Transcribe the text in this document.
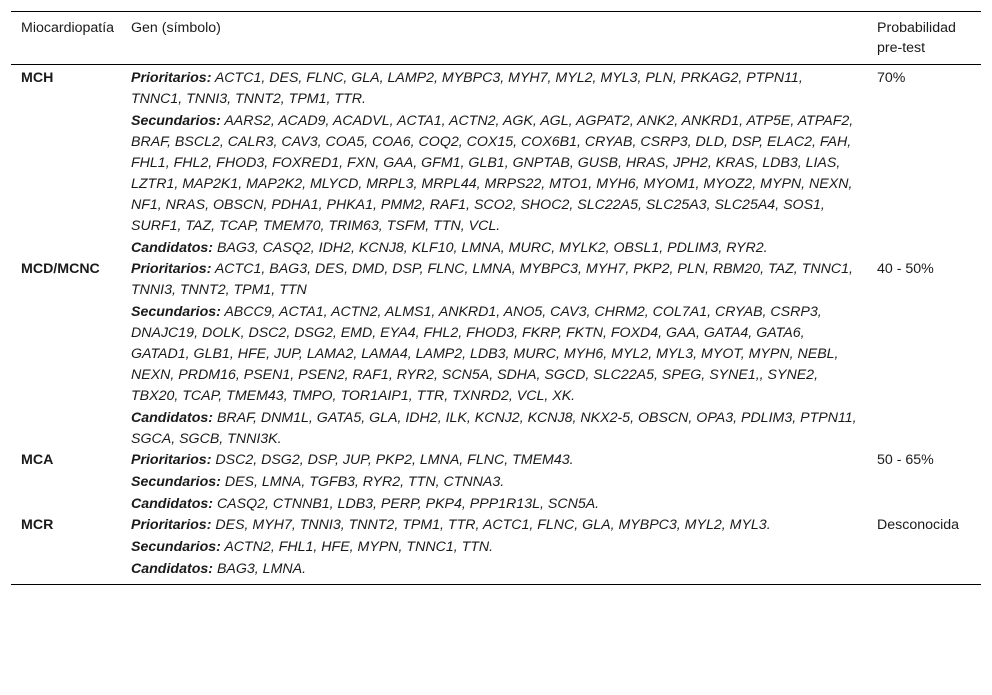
Miocardiopatía	Gen (símbolo)	Probabilidad pre-test
MCH	Prioritarios: ACTC1, DES, FLNC, GLA, LAMP2, MYBPC3, MYH7, MYL2, MYL3, PLN, PRKAG2, PTPN11, TNNC1, TNNI3, TNNT2, TPM1, TTR.
Secundarios: AARS2, ACAD9, ACADVL, ACTA1, ACTN2, AGK, AGL, AGPAT2, ANK2, ANKRD1, ATP5E, ATPAF2, BRAF, BSCL2, CALR3, CAV3, COA5, COA6, COQ2, COX15, COX6B1, CRYAB, CSRP3, DLD, DSP, ELAC2, FAH, FHL1, FHL2, FHOD3, FOXRED1, FXN, GAA, GFM1, GLB1, GNPTAB, GUSB, HRAS, JPH2, KRAS, LDB3, LIAS, LZTR1, MAP2K1, MAP2K2, MLYCD, MRPL3, MRPL44, MRPS22, MTO1, MYH6, MYOM1, MYOZ2, MYPN, NEXN, NF1, NRAS, OBSCN, PDHA1, PHKA1, PMM2, RAF1, SCO2, SHOC2, SLC22A5, SLC25A3, SLC25A4, SOS1, SURF1, TAZ, TCAP, TMEM70, TRIM63, TSFM, TTN, VCL.
Candidatos: BAG3, CASQ2, IDH2, KCNJ8, KLF10, LMNA, MURC, MYLK2, OBSL1, PDLIM3, RYR2.	70%
MCD/MCNC	Prioritarios: ACTC1, BAG3, DES, DMD, DSP, FLNC, LMNA, MYBPC3, MYH7, PKP2, PLN, RBM20, TAZ, TNNC1, TNNI3, TNNT2, TPM1, TTN
Secundarios: ABCC9, ACTA1, ACTN2, ALMS1, ANKRD1, ANO5, CAV3, CHRM2, COL7A1, CRYAB, CSRP3, DNAJC19, DOLK, DSC2, DSG2, EMD, EYA4, FHL2, FHOD3, FKRP, FKTN, FOXD4, GAA, GATA4, GATA6, GATAD1, GLB1, HFE, JUP, LAMA2, LAMA4, LAMP2, LDB3, MURC, MYH6, MYL2, MYL3, MYOT, MYPN, NEBL, NEXN, PRDM16, PSEN1, PSEN2, RAF1, RYR2, SCN5A, SDHA, SGCD, SLC22A5, SPEG, SYNE1,, SYNE2, TBX20, TCAP, TMEM43, TMPO, TOR1AIP1, TTR, TXNRD2, VCL, XK.
Candidatos: BRAF, DNM1L, GATA5, GLA, IDH2, ILK, KCNJ2, KCNJ8, NKX2-5, OBSCN, OPA3, PDLIM3, PTPN11, SGCA, SGCB, TNNI3K.	40 - 50%
MCA	Prioritarios: DSC2, DSG2, DSP, JUP, PKP2, LMNA, FLNC, TMEM43.
Secundarios: DES, LMNA, TGFB3, RYR2, TTN, CTNNA3.
Candidatos: CASQ2, CTNNB1, LDB3, PERP, PKP4, PPP1R13L, SCN5A.	50 - 65%
MCR	Prioritarios: DES, MYH7, TNNI3, TNNT2, TPM1, TTR, ACTC1, FLNC, GLA, MYBPC3, MYL2, MYL3.
Secundarios: ACTN2, FHL1, HFE, MYPN, TNNC1, TTN.
Candidatos: BAG3, LMNA.	Desconocida
